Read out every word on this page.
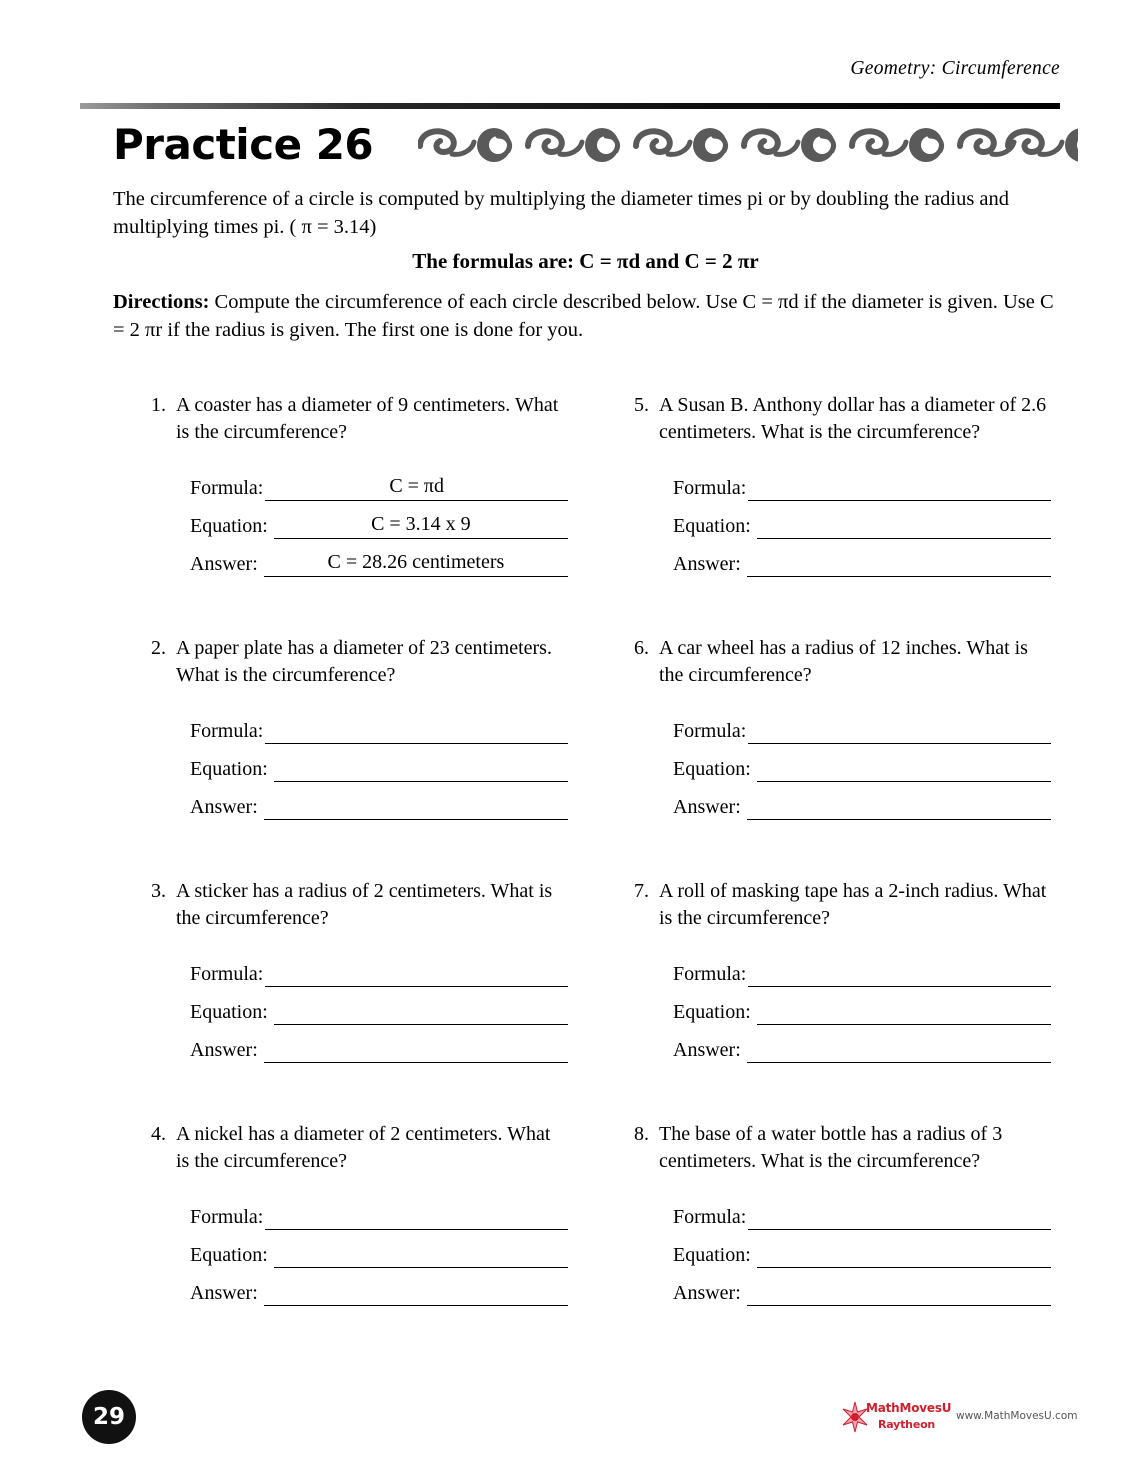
Geometry: Circumference
Practice 26
The circumference of a circle is computed by multiplying the diameter times pi or by doubling the radius and multiplying times pi. ( π = 3.14)
The formulas are: C = πd and C = 2 πr
Directions: Compute the circumference of each circle described below. Use C = πd if the diameter is given. Use C = 2 πr if the radius is given. The first one is done for you.
1. A coaster has a diameter of 9 centimeters. What is the circumference?
Formula:	C = πd
Equation:	C = 3.14 x 9
Answer:	C = 28.26 centimeters
2. A paper plate has a diameter of 23 centimeters. What is the circumference?
Formula:
Equation:
Answer:
3. A sticker has a radius of 2 centimeters. What is the circumference?
Formula:
Equation:
Answer:
4. A nickel has a diameter of 2 centimeters. What is the circumference?
Formula:
Equation:
Answer:
5. A Susan B. Anthony dollar has a diameter of 2.6 centimeters. What is the circumference?
Formula:
Equation:
Answer:
6. A car wheel has a radius of 12 inches. What is the circumference?
Formula:
Equation:
Answer:
7. A roll of masking tape has a 2-inch radius. What is the circumference?
Formula:
Equation:
Answer:
8. The base of a water bottle has a radius of 3 centimeters. What is the circumference?
Formula:
Equation:
Answer:
29	MathMovesU
Raytheon
www.MathMovesU.com
